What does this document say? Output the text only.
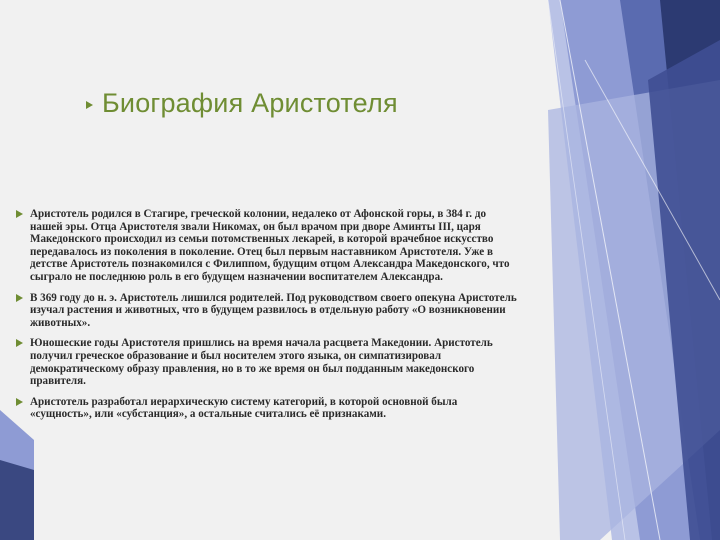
Биография Аристотеля

Аристотель родился в Стагире, греческой колонии, недалеко от Афонской горы, в 384 г. до нашей эры. Отца Аристотеля звали Никомах, он был врачом при дворе Аминты III, царя Македонского происходил из семьи потомственных лекарей, в которой врачебное искусство передавалось из поколения в поколение. Отец был первым наставником Аристотеля. Уже в детстве Аристотель познакомился с Филиппом, будущим отцом Александра Македонского, что сыграло не последнюю роль в его будущем назначении воспитателем Александра.

В 369 году до н. э. Аристотель лишился родителей. Под руководством своего опекуна Аристотель изучал растения и животных, что в будущем развилось в отдельную работу «О возникновении животных».

Юношеские годы Аристотеля пришлись на время начала расцвета Македонии. Аристотель получил греческое образование и был носителем этого языка, он симпатизировал демократическому образу правления, но в то же время он был подданным македонского правителя.

Аристотель разработал иерархическую систему категорий, в которой основной была «сущность», или «субстанция», а остальные считались её признаками.
